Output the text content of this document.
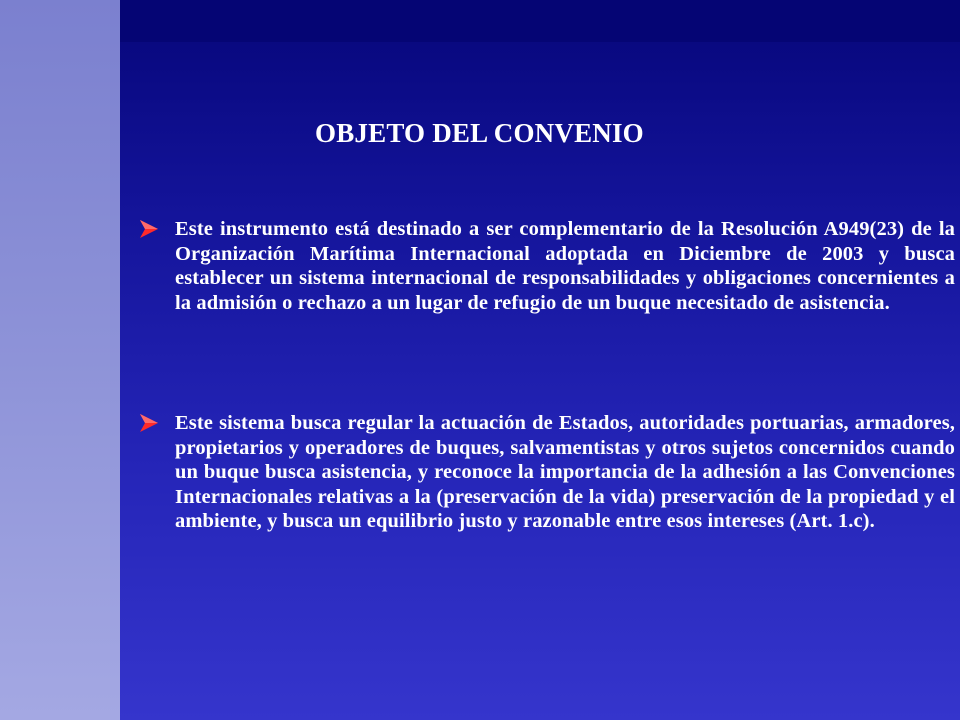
OBJETO DEL CONVENIO
Este instrumento está destinado a ser complementario de la Resolución A949(23) de la Organización Marítima Internacional adoptada en Diciembre de 2003 y busca establecer un sistema internacional de responsabilidades y obligaciones concernientes a la admisión o rechazo a un lugar de refugio de un buque necesitado de asistencia.
Este sistema busca regular la actuación de Estados, autoridades portuarias, armadores, propietarios y operadores de buques, salvamentistas y otros sujetos concernidos cuando un buque busca asistencia, y reconoce la importancia de la adhesión a las Convenciones Internacionales relativas a la (preservación de la vida) preservación de la propiedad y el ambiente, y busca un equilibrio justo y razonable entre esos intereses (Art. 1.c).
